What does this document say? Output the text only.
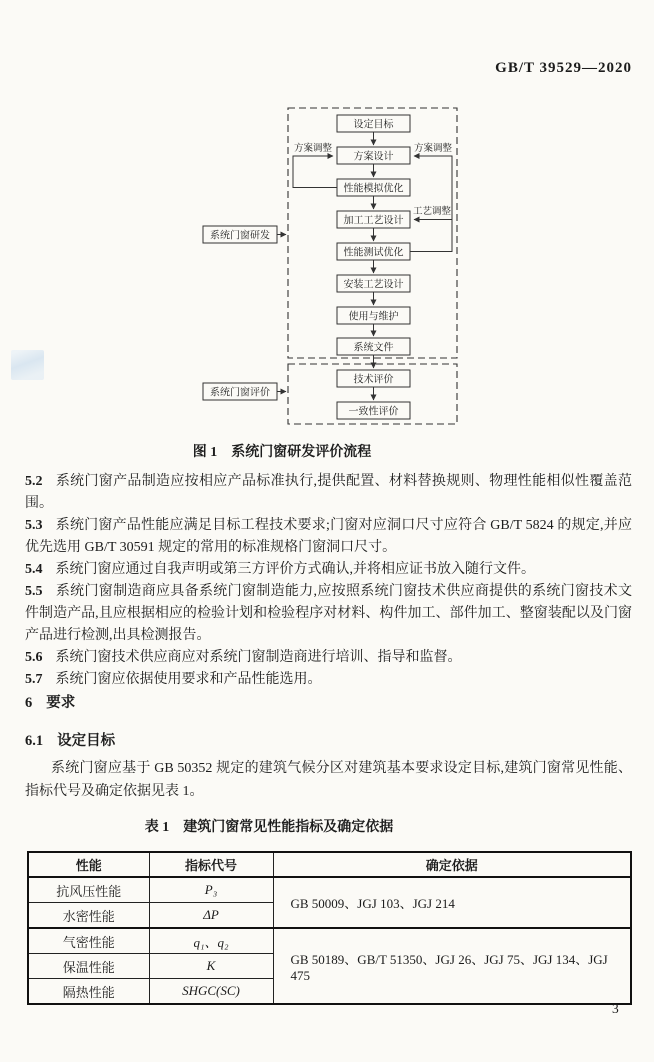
GB/T 39529—2020
方案调整	方案调整
工艺调整
系统门窗研发
系统门窗评价
设定目标
方案设计
性能模拟优化
加工工艺设计
性能测试优化
安装工艺设计
使用与维护
系统文件
技术评价
一致性评价
图 1　系统门窗研发评价流程

5.2 系统门窗产品制造应按相应产品标准执行,提供配置、材料替换规则、物理性能相似性覆盖范围。

5.3 系统门窗产品性能应满足目标工程技术要求;门窗对应洞口尺寸应符合 GB/T 5824 的规定,并应优先选用 GB/T 30591 规定的常用的标准规格门窗洞口尺寸。

5.4 系统门窗应通过自我声明或第三方评价方式确认,并将相应证书放入随行文件。

5.5 系统门窗制造商应具备系统门窗制造能力,应按照系统门窗技术供应商提供的系统门窗技术文件制造产品,且应根据相应的检验计划和检验程序对材料、构件加工、部件加工、整窗装配以及门窗产品进行检测,出具检测报告。

5.6 系统门窗技术供应商应对系统门窗制造商进行培训、指导和监督。

5.7 系统门窗应依据使用要求和产品性能选用。

6 要求
6.1 设定目标
系统门窗应基于 GB 50352 规定的建筑气候分区对建筑基本要求设定目标,建筑门窗常见性能、指标代号及确定依据见表 1。
表 1　建筑门窗常见性能指标及确定依据
性能	指标代号	确定依据
抗风压性能	P₃	GB 50009、JGJ 103、JGJ 214
水密性能	ΔP	
气密性能	q₁、q₂	GB 50189、GB/T 51350、JGJ 26、JGJ 75、JGJ 134、JGJ 475
保温性能	K	
隔热性能	SHGC(SC)	
3
